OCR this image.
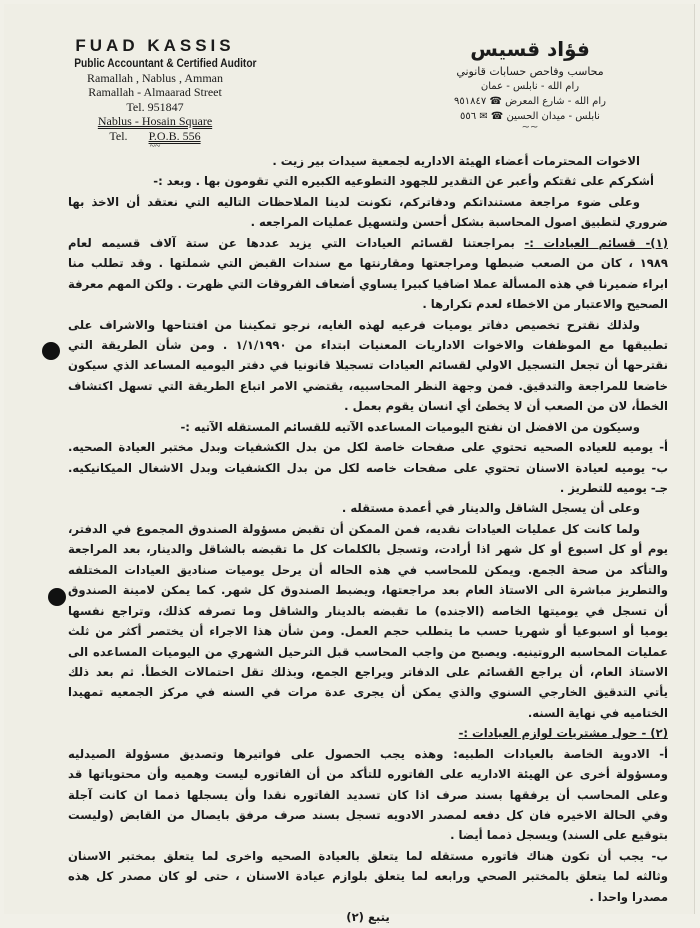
FUAD KASSIS
Public Accountant & Certified Auditor
Ramallah , Nablus , Amman
Ramallah - Almaarad Street
Tel. 951847
Nablus - Hosain Square
Tel. P.O.B. 556
~~
فؤاد قسيس
محاسب وفاحص حسابات قانوني
رام الله - نابلس - عمان
رام الله - شارع المعرض ☎ ٩٥١٨٤٧
نابلس - ميدان الحسين ☎ ✉ ٥٥٦
~~
الاخوات المحترمات أعضاء الهيئة الاداريه لجمعية سيدات بير زيت .
أشكركم على ثقتكم وأعبر عن التقدير للجهود التطوعيه الكبيره التي تقومون بها . وبعد :-
وعلى ضوء مراجعة مستنداتكم ودفاتركم، تكونت لدينا الملاحظات التاليه التي نعتقد أن الاخذ بها
ضروري لتطبيق اصول المحاسبة بشكل أحسن ولتسهيل عمليات المراجعه .
(١)- قسائم العيادات :- بمراجعتنا لقسائم العيادات التي يزيد عددها عن ستة آلاف قسيمه لعام
١٩٨٩ ، كان من الصعب ضبطها ومراجعتها ومقارنتها مع سندات القبض التي شملتها . وقد تطلب منا
ابراء ضميرنا في هذه المسألة عملا اضافيا كبيرا يساوي أضعاف الفروقات التي ظهرت . ولكن المهم معرفة
الصحيح والاعتبار من الاخطاء لعدم تكرارها .
ولذلك نقترح تخصيص دفاتر يوميات فرعيه لهذه الغايه، نرجو تمكيننا من افتتاحها والاشراف على
تطبيقها مع الموظفات والاخوات الاداريات المعنيات ابتداء من ١/١/١٩٩٠ . ومن شأن الطريقة التي
نقترحها أن تجعل التسجيل الاولي لقسائم العيادات تسجيلا قانونيا في دفتر اليوميه المساعد الذي سيكون
خاضعا للمراجعة والتدقيق. فمن وجهة النظر المحاسبيه، يقتضي الامر اتباع الطريقة التي تسهل اكتشاف
الخطأ، لان من الصعب أن لا يخطئ أي انسان يقوم بعمل .
وسيكون من الافضل ان نفتح اليوميات المساعده الآتيه للقسائم المستقله الآتيه :-
أ- يوميه للعياده الصحيه تحتوي على صفحات خاصة لكل من بدل الكشفيات وبدل مختبر العيادة الصحيه.
ب- يوميه لعيادة الاسنان تحتوي على صفحات خاصه لكل من بدل الكشفيات وبدل الاشغال الميكانيكيه.
جـ- يوميه للتطريز .
وعلى أن يسجل الشاقل والدينار في أعمدة مستقله .
ولما كانت كل عمليات العيادات نقديه، فمن الممكن أن تقبض مسؤولة الصندوق المجموع في الدفتر،
يوم أو كل اسبوع أو كل شهر اذا أرادت، وتسجل بالكلمات كل ما تقبضه بالشاقل والدينار، بعد المراجعة
والتأكد من صحة الجمع. ويمكن للمحاسب في هذه الحاله أن يرحل يوميات صناديق العيادات المختلفه
والتطريز مباشرة الى الاستاذ العام بعد مراجعتها، ويضبط الصندوق كل شهر. كما يمكن لامينة الصندوق
أن تسجل في يوميتها الخاصه (الاجنده) ما تقبضه بالدينار والشاقل وما تصرفه كذلك، وتراجع نفسها
يوميا أو اسبوعيا أو شهريا حسب ما يتطلب حجم العمل. ومن شأن هذا الاجراء أن يختصر أكثر من ثلث
عمليات المحاسبه الروتينيه. ويصبح من واجب المحاسب قبل الترحيل الشهري من اليوميات المساعده الى
الاستاذ العام، أن يراجع القسائم على الدفاتر ويراجع الجمع، وبذلك تقل احتمالات الخطأ. ثم بعد ذلك
يأتي التدقيق الخارجي السنوي والذي يمكن أن يجرى عدة مرات في السنه في مركز الجمعيه تمهيدا
الختاميه في نهاية السنه.
(٢) - حول مشتريات لوازم العيادات :-
أ- الادوية الخاصة بالعيادات الطبيه: وهذه يجب الحصول على فواتيرها وتصديق مسؤولة الصيدليه
ومسؤولة أخرى عن الهيئة الاداريه على الفاتوره للتأكد من أن الفاتوره ليست وهميه وأن محتوياتها قد
وعلى المحاسب أن يرفقها بسند صرف اذا كان تسديد الفاتوره نقدا وأن يسجلها ذمما ان كانت آجلة
وفي الحالة الاخيره فان كل دفعه لمصدر الادويه تسجل بسند صرف مرفق بايصال من القابض (وليست
بتوقيع على السند) ويسجل ذمما أيضا .
ب- يجب أن تكون هناك فاتوره مستقله لما يتعلق بالعيادة الصحيه واخرى لما يتعلق بمختبر الاسنان
وثالثه لما يتعلق بالمختبر الصحي ورابعه لما يتعلق بلوازم عيادة الاسنان ، حتى لو كان مصدر كل هذه
مصدرا واحدا .
يتبع (٢)
